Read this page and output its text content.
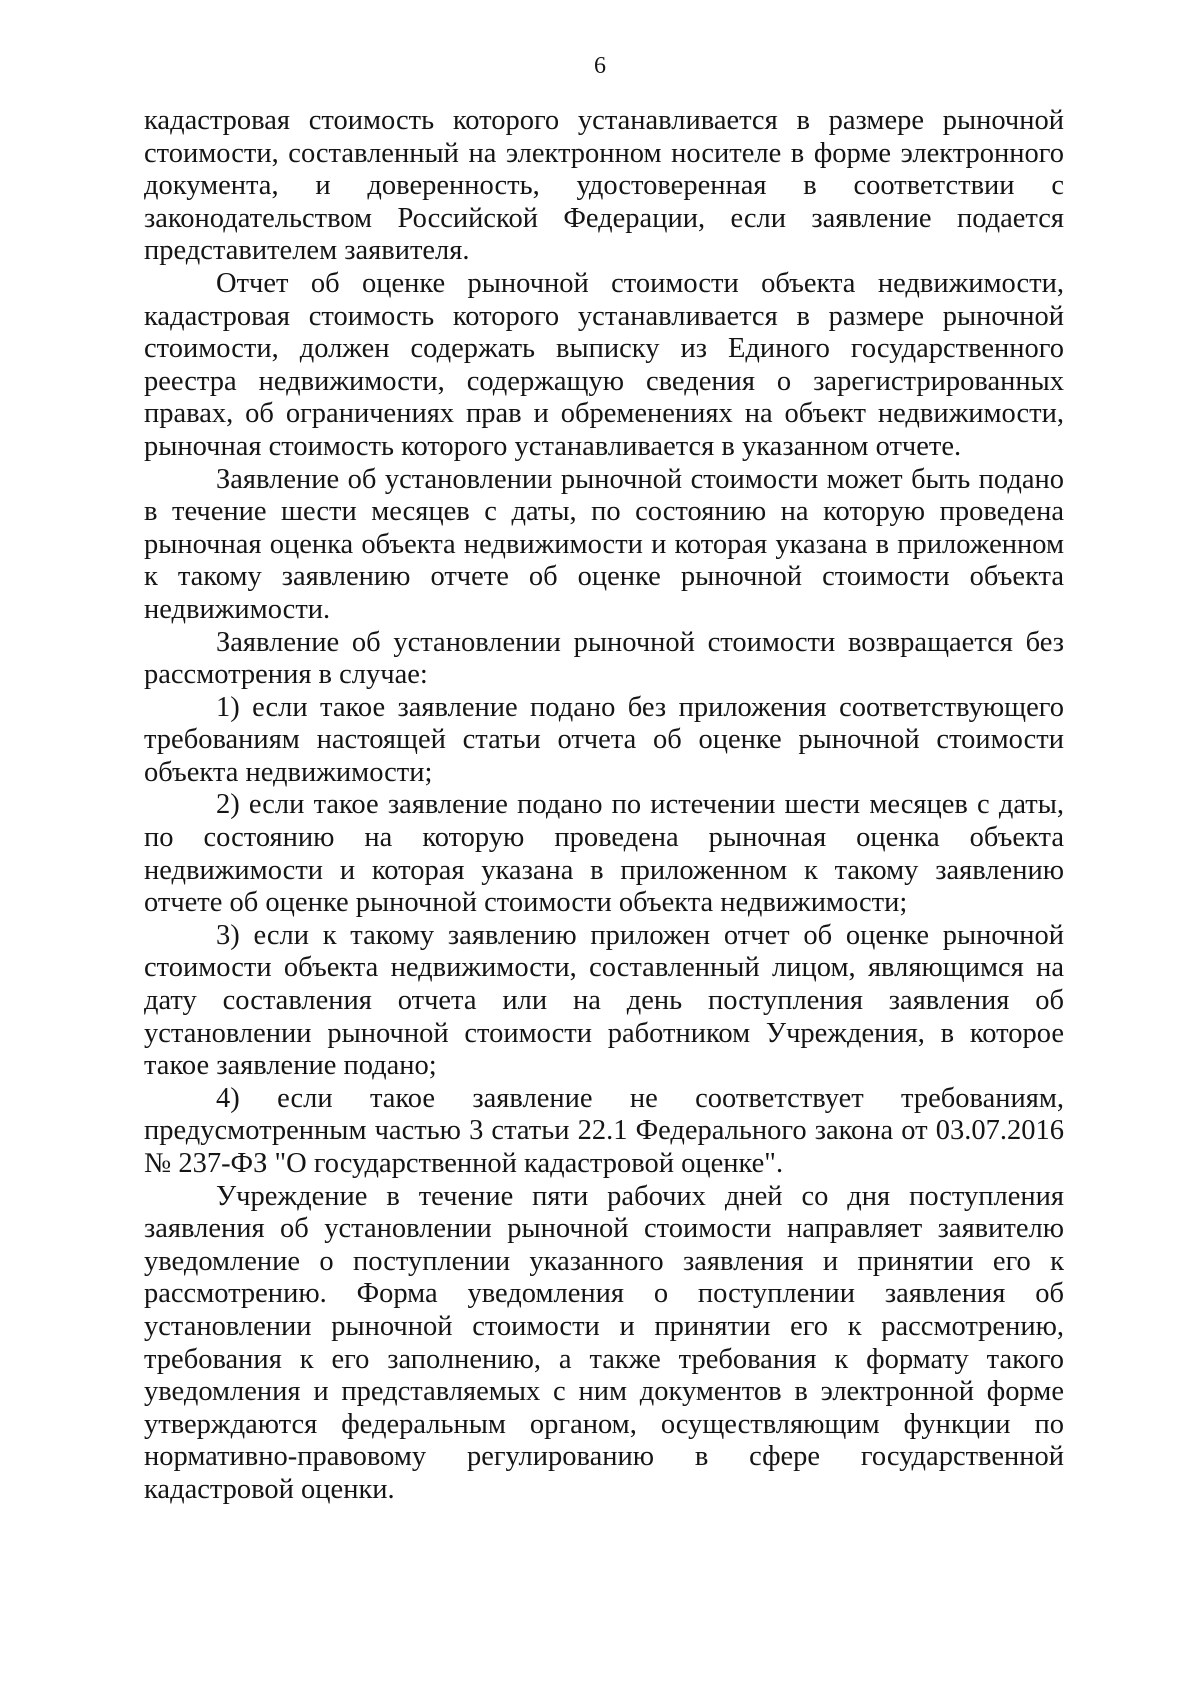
6

кадастровая стоимость которого устанавливается в размере рыночной стоимости, составленный на электронном носителе в форме электронного документа, и доверенность, удостоверенная в соответствии с законодательством Российской Федерации, если заявление подается представителем заявителя.

Отчет об оценке рыночной стоимости объекта недвижимости, кадастровая стоимость которого устанавливается в размере рыночной стоимости, должен содержать выписку из Единого государственного реестра недвижимости, содержащую сведения о зарегистрированных правах, об ограничениях прав и обременениях на объект недвижимости, рыночная стоимость которого устанавливается в указанном отчете.

Заявление об установлении рыночной стоимости может быть подано в течение шести месяцев с даты, по состоянию на которую проведена рыночная оценка объекта недвижимости и которая указана в приложенном к такому заявлению отчете об оценке рыночной стоимости объекта недвижимости.

Заявление об установлении рыночной стоимости возвращается без рассмотрения в случае:

1) если такое заявление подано без приложения соответствующего требованиям настоящей статьи отчета об оценке рыночной стоимости объекта недвижимости;

2) если такое заявление подано по истечении шести месяцев с даты, по состоянию на которую проведена рыночная оценка объекта недвижимости и которая указана в приложенном к такому заявлению отчете об оценке рыночной стоимости объекта недвижимости;

3) если к такому заявлению приложен отчет об оценке рыночной стоимости объекта недвижимости, составленный лицом, являющимся на дату составления отчета или на день поступления заявления об установлении рыночной стоимости работником Учреждения, в которое такое заявление подано;

4) если такое заявление не соответствует требованиям, предусмотренным частью 3 статьи 22.1 Федерального закона от 03.07.2016 № 237-ФЗ "О государственной кадастровой оценке".

Учреждение в течение пяти рабочих дней со дня поступления заявления об установлении рыночной стоимости направляет заявителю уведомление о поступлении указанного заявления и принятии его к рассмотрению. Форма уведомления о поступлении заявления об установлении рыночной стоимости и принятии его к рассмотрению, требования к его заполнению, а также требования к формату такого уведомления и представляемых с ним документов в электронной форме утверждаются федеральным органом, осуществляющим функции по нормативно-правовому регулированию в сфере государственной кадастровой оценки.
